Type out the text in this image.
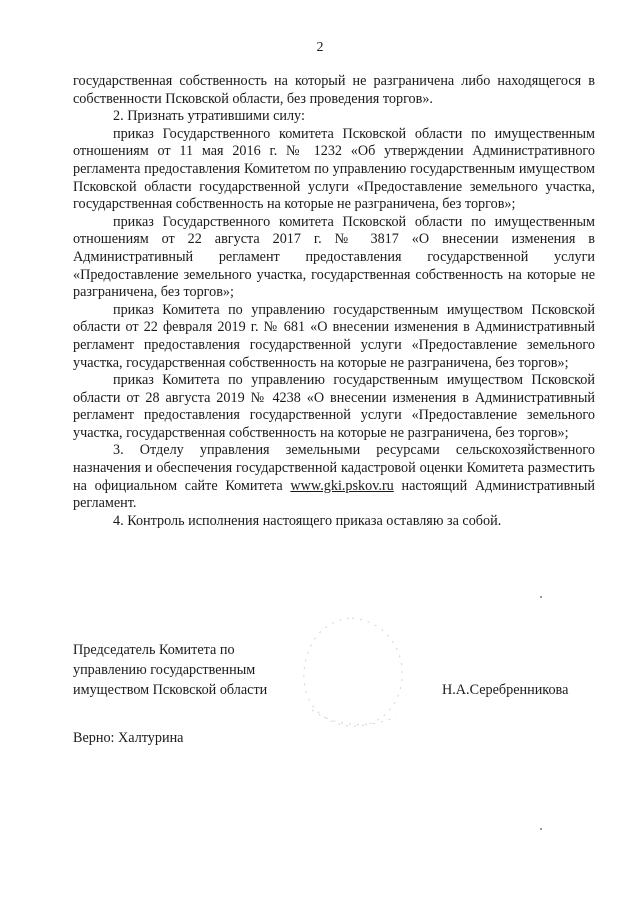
2

государственная собственность на который не разграничена либо находящегося в собственности Псковской области, без проведения торгов».

2. Признать утратившими силу:

приказ Государственного комитета Псковской области по имущественным отношениям от 11 мая 2016 г. № 1232 «Об утверждении Административного регламента предоставления Комитетом по управлению государственным имуществом Псковской области государственной услуги «Предоставление земельного участка, государственная собственность на которые не разграничена, без торгов»;

приказ Государственного комитета Псковской области по имущественным отношениям от 22 августа 2017 г. № 3817 «О внесении изменения в Административный регламент предоставления государственной услуги «Предоставление земельного участка, государственная собственность на которые не разграничена, без торгов»;

приказ Комитета по управлению государственным имуществом Псковской области от 22 февраля 2019 г. № 681 «О внесении изменения в Административный регламент предоставления государственной услуги «Предоставление земельного участка, государственная собственность на которые не разграничена, без торгов»;

приказ Комитета по управлению государственным имуществом Псковской области от 28 августа 2019 № 4238 «О внесении изменения в Административный регламент предоставления государственной услуги «Предоставление земельного участка, государственная собственность на которые не разграничена, без торгов»;

3. Отделу управления земельными ресурсами сельскохозяйственного назначения и обеспечения государственной кадастровой оценки Комитета разместить на официальном сайте Комитета www.gki.pskov.ru настоящий Административный регламент.

4. Контроль исполнения настоящего приказа оставляю за собой.

Председатель Комитета по
управлению государственным
имуществом Псковской области	Н.А.Серебренникова
Верно: Халтурина
